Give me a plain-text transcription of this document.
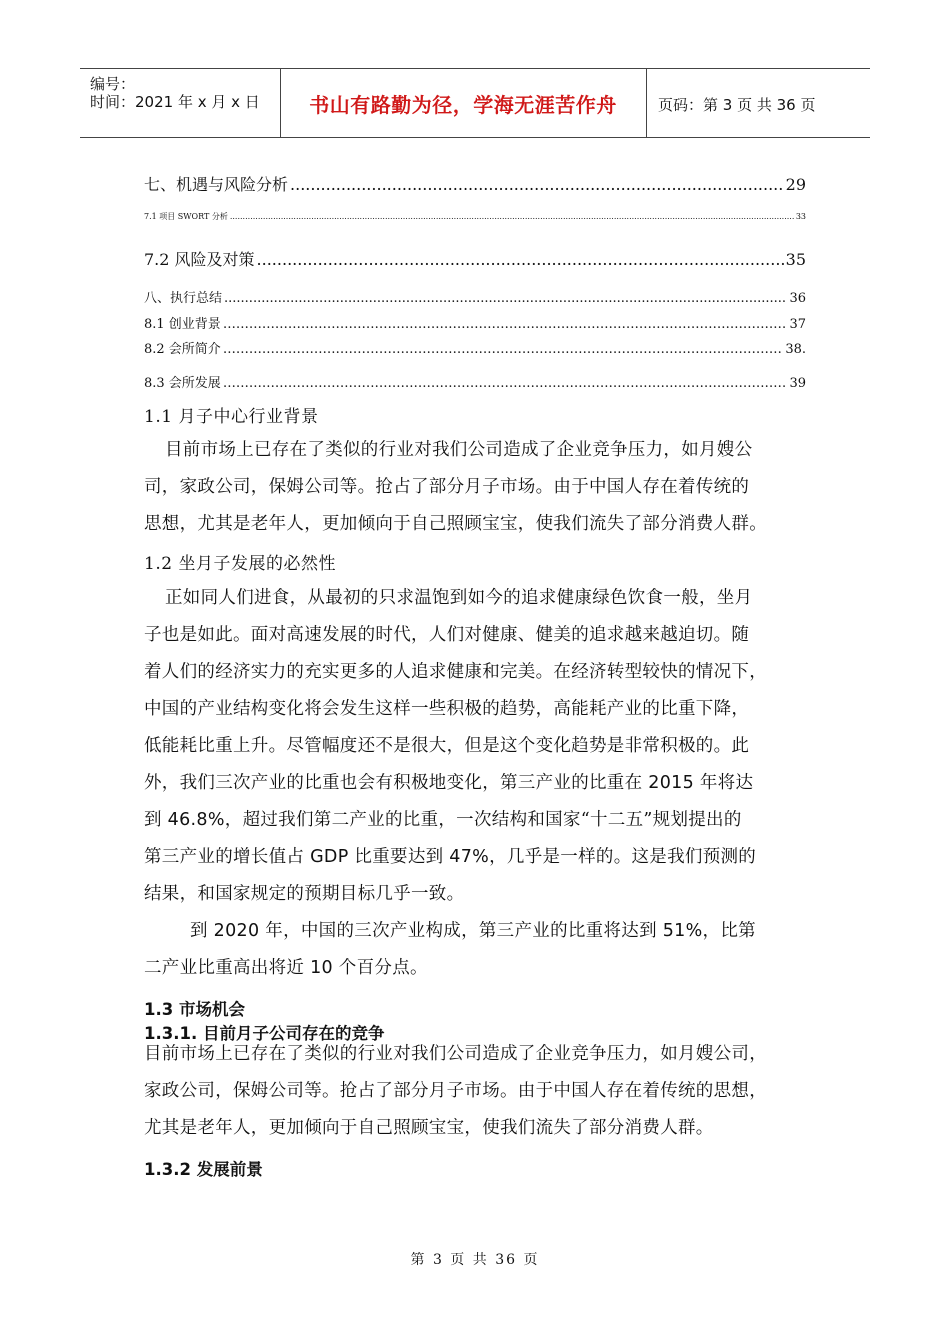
编号：
时间：2021 年 x 月 x 日 书山有路勤为径，学海无涯苦作舟	页码：第 3 页 共 36 页
七、机遇与风险分析 .....	29
7.1 项目 SWORT 分析 .....	33
7.2 风险及对策 .....	35
八、执行总结 .....	36
8.1 创业背景 …………………………………………………………………………………………………………………………………………………	37
8.2 会所简介 …………………………………………………………………………………………………………………………………………………	38.
8.3 会所发展 …………………………………………………………………………………………………………………………………………………	39
1.1 月子中心行业背景
目前市场上已存在了类似的行业对我们公司造成了企业竞争压力，如月嫂公
司，家政公司，保姆公司等。抢占了部分月子市场。由于中国人存在着传统的
思想，尤其是老年人，更加倾向于自己照顾宝宝，使我们流失了部分消费人群。
1.2 坐月子发展的必然性
正如同人们进食，从最初的只求温饱到如今的追求健康绿色饮食一般，坐月
子也是如此。面对高速发展的时代，人们对健康、健美的追求越来越迫切。随
着人们的经济实力的充实更多的人追求健康和完美。在经济转型较快的情况下，
中国的产业结构变化将会发生这样一些积极的趋势，高能耗产业的比重下降，
低能耗比重上升。尽管幅度还不是很大，但是这个变化趋势是非常积极的。此
外，我们三次产业的比重也会有积极地变化，第三产业的比重在 2015 年将达
到 46.8%，超过我们第二产业的比重，一次结构和国家“十二五”规划提出的
第三产业的增长值占 GDP 比重要达到 47%，几乎是一样的。这是我们预测的
结果，和国家规定的预期目标几乎一致。
到 2020 年，中国的三次产业构成，第三产业的比重将达到 51%，比第
二产业比重高出将近 10 个百分点。
1.3 市场机会
1.3.1. 目前月子公司存在的竞争
目前市场上已存在了类似的行业对我们公司造成了企业竞争压力，如月嫂公司，
家政公司，保姆公司等。抢占了部分月子市场。由于中国人存在着传统的思想，
尤其是老年人，更加倾向于自己照顾宝宝，使我们流失了部分消费人群。
1.3.2 发展前景
第 3 页 共 36 页
